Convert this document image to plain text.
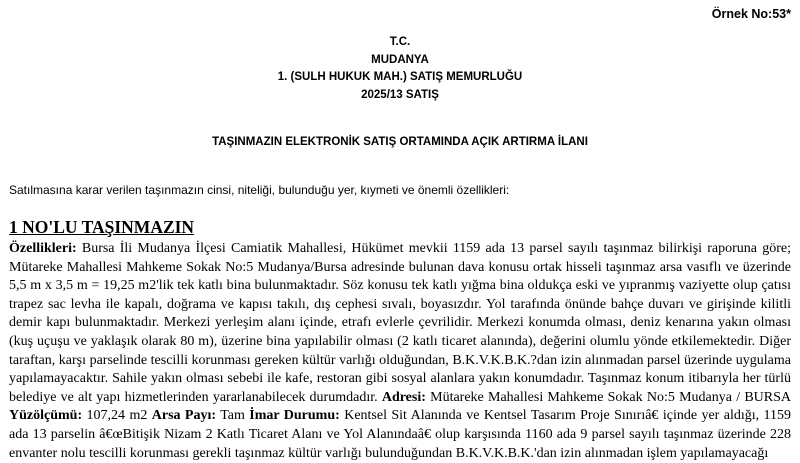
Örnek No:53*
T.C.
MUDANYA
1. (SULH HUKUK MAH.) SATIŞ MEMURLUĞU
2025/13 SATIŞ
TAŞINMAZIN ELEKTRONİK SATIŞ ORTAMINDA AÇIK ARTIRMA İLANI
Satılmasına karar verilen taşınmazın cinsi, niteliği, bulunduğu yer, kıymeti ve önemli özellikleri:
1 NO'LU TAŞINMAZIN
Özellikleri: Bursa İli Mudanya İlçesi Camiatik Mahallesi, Hükümet mevkii 1159 ada 13 parsel sayılı taşınmaz bilirkişi raporuna göre; Mütareke Mahallesi Mahkeme Sokak No:5 Mudanya/Bursa adresinde bulunan dava konusu ortak hisseli taşınmaz arsa vasıflı ve üzerinde 5,5 m x 3,5 m = 19,25 m2'lik tek katlı bina bulunmaktadır. Söz konusu tek katlı yığma bina oldukça eski ve yıpranmış vaziyette olup çatısı trapez sac levha ile kapalı, doğrama ve kapısı takılı, dış cephesi sıvalı, boyasızdır. Yol tarafında önünde bahçe duvarı ve girişinde kilitli demir kapı bulunmaktadır. Merkezi yerleşim alanı içinde, etrafı evlerle çevrilidir. Merkezi konumda olması, deniz kenarına yakın olması (kuş uçuşu ve yaklaşık olarak 80 m), üzerine bina yapılabilir olması (2 katlı ticaret alanında), değerini olumlu yönde etkilemektedir. Diğer taraftan, karşı parselinde tescilli korunması gereken kültür varlığı olduğundan, B.K.V.K.B.K.?dan izin alınmadan parsel üzerinde uygulama yapılamayacaktır. Sahile yakın olması sebebi ile kafe, restoran gibi sosyal alanlara yakın konumdadır. Taşınmaz konum itibarıyla her türlü belediye ve alt yapı hizmetlerinden yararlanabilecek durumdadır. Adresi: Mütareke Mahallesi Mahkeme Sokak No:5 Mudanya / BURSA Yüzölçümü: 107,24 m2 Arsa Payı: Tam İmar Durumu: Kentsel Sit Alanında ve Kentsel Tasarım Proje Sınırıâ€ içinde yer aldığı, 1159 ada 13 parselin â€œBitişik Nizam 2 Katlı Ticaret Alanı ve Yol Alanındaâ€ olup karşısında 1160 ada 9 parsel sayılı taşınmaz üzerinde 228 envanter nolu tescilli korunması gerekli taşınmaz kültür varlığı bulunduğundan B.K.V.K.B.K.'dan izin alınmadan işlem yapılamayacağı
